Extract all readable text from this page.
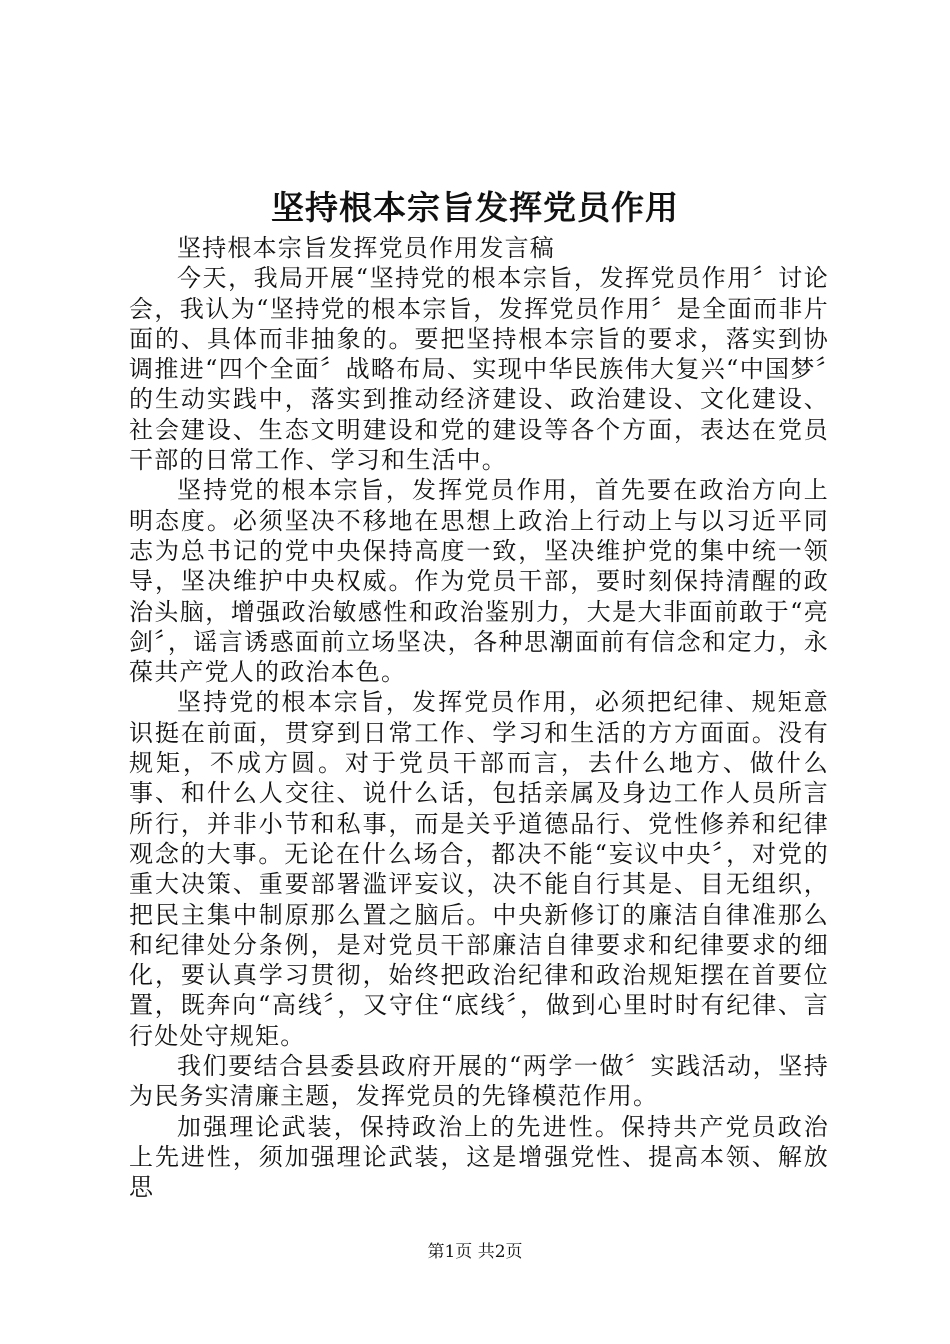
坚持根本宗旨发挥党员作用

坚持根本宗旨发挥党员作用发言稿

今天，我局开展“坚持党的根本宗旨，发挥党员作用〞讨论会，我认为“坚持党的根本宗旨，发挥党员作用〞是全面而非片面的、具体而非抽象的。要把坚持根本宗旨的要求，落实到协调推进“四个全面〞战略布局、实现中华民族伟大复兴“中国梦〞的生动实践中，落实到推动经济建设、政治建设、文化建设、社会建设、生态文明建设和党的建设等各个方面，表达在党员干部的日常工作、学习和生活中。

坚持党的根本宗旨，发挥党员作用，首先要在政治方向上明态度。必须坚决不移地在思想上政治上行动上与以习近平同志为总书记的党中央保持高度一致，坚决维护党的集中统一领导，坚决维护中央权威。作为党员干部，要时刻保持清醒的政治头脑，增强政治敏感性和政治鉴别力，大是大非面前敢于“亮剑〞，谣言诱惑面前立场坚决，各种思潮面前有信念和定力，永葆共产党人的政治本色。

坚持党的根本宗旨，发挥党员作用，必须把纪律、规矩意识挺在前面，贯穿到日常工作、学习和生活的方方面面。没有规矩，不成方圆。对于党员干部而言，去什么地方、做什么事、和什么人交往、说什么话，包括亲属及身边工作人员所言所行，并非小节和私事，而是关乎道德品行、党性修养和纪律观念的大事。无论在什么场合，都决不能“妄议中央〞，对党的重大决策、重要部署滥评妄议，决不能自行其是、目无组织，把民主集中制原那么置之脑后。中央新修订的廉洁自律准那么和纪律处分条例，是对党员干部廉洁自律要求和纪律要求的细化，要认真学习贯彻，始终把政治纪律和政治规矩摆在首要位置，既奔向“高线〞，又守住“底线〞，做到心里时时有纪律、言行处处守规矩。

我们要结合县委县政府开展的“两学一做〞实践活动，坚持为民务实清廉主题，发挥党员的先锋模范作用。

加强理论武装，保持政治上的先进性。保持共产党员政治上先进性，须加强理论武装，这是增强党性、提高本领、解放思

第1页 共2页
